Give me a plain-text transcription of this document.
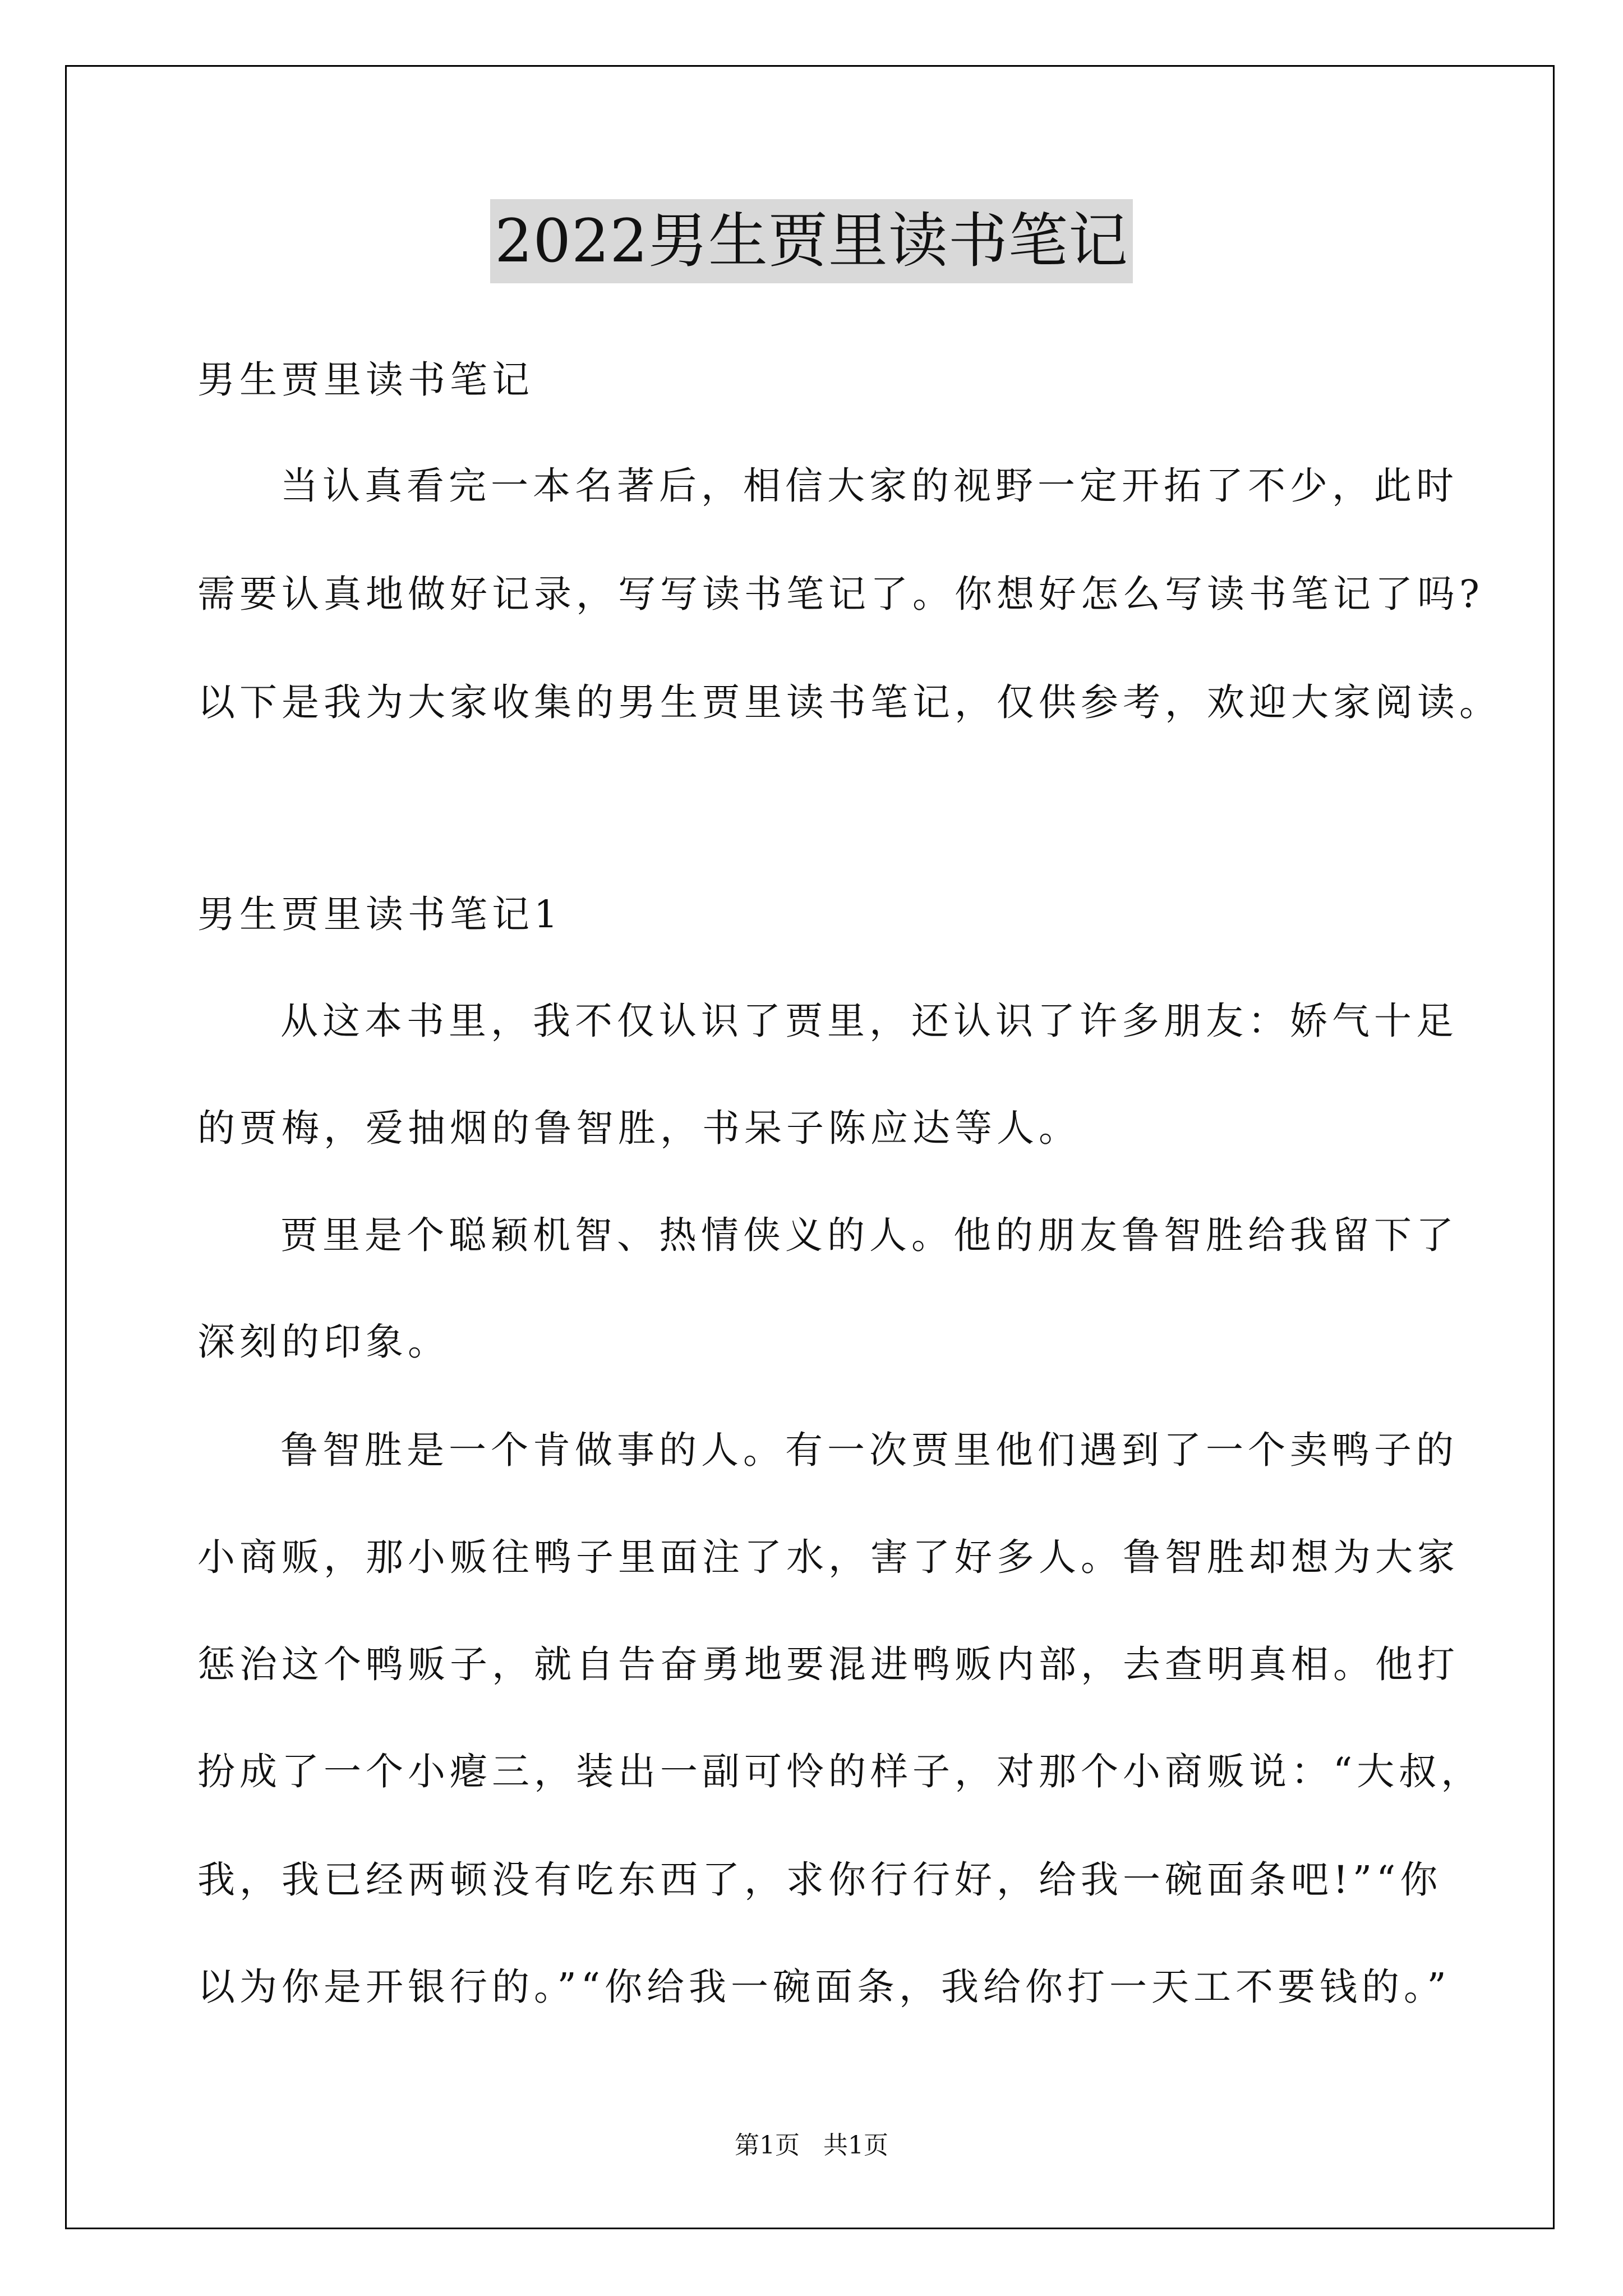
2022男生贾里读书笔记
男生贾里读书笔记
当认真看完一本名著后，相信大家的视野一定开拓了不少，此时
需要认真地做好记录，写写读书笔记了。你想好怎么写读书笔记了吗?
以下是我为大家收集的男生贾里读书笔记，仅供参考，欢迎大家阅读。
男生贾里读书笔记1
从这本书里，我不仅认识了贾里，还认识了许多朋友：娇气十足
的贾梅，爱抽烟的鲁智胜，书呆子陈应达等人。
贾里是个聪颖机智、热情侠义的人。他的朋友鲁智胜给我留下了
深刻的印象。
鲁智胜是一个肯做事的人。有一次贾里他们遇到了一个卖鸭子的
小商贩，那小贩往鸭子里面注了水，害了好多人。鲁智胜却想为大家
惩治这个鸭贩子，就自告奋勇地要混进鸭贩内部，去查明真相。他打
扮成了一个小瘪三，装出一副可怜的样子，对那个小商贩说：“大叔，
我，我已经两顿没有吃东西了，求你行行好，给我一碗面条吧!”“你
以为你是开银行的。”“你给我一碗面条，我给你打一天工不要钱的。”
第1页 共1页
